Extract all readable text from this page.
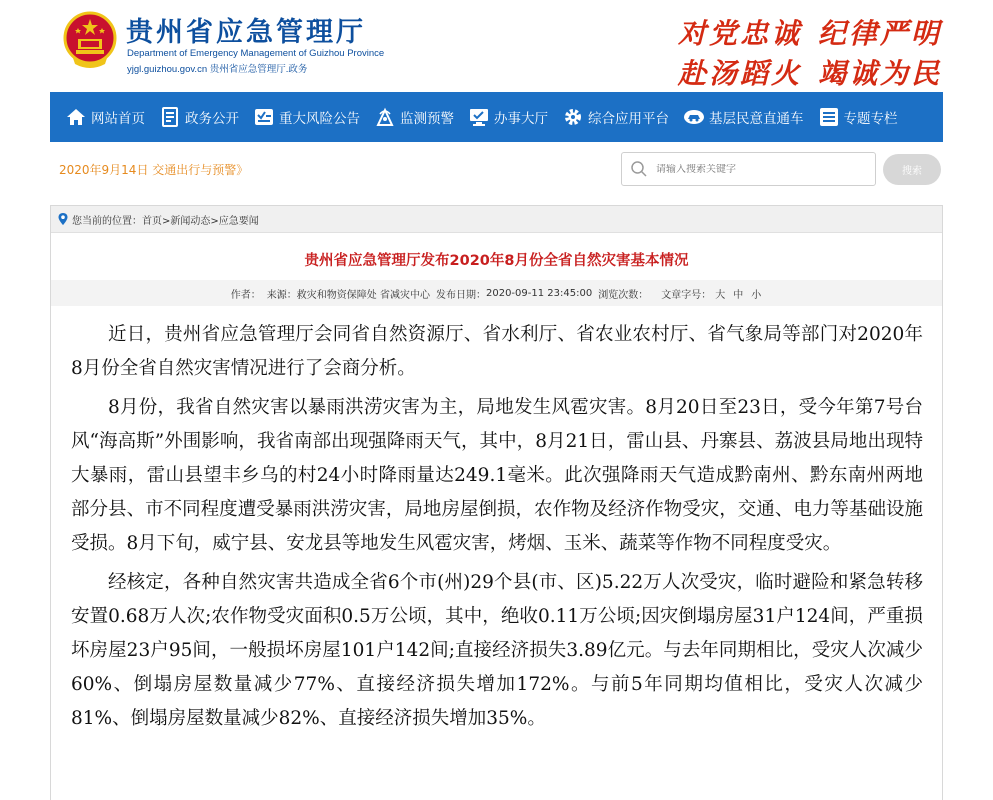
贵州省应急管理厅
Department of Emergency Management of Guizhou Province
yjgl.guizhou.gov.cn 贵州省应急管理厅.政务
对党忠诚 纪律严明
赴汤蹈火 竭诚为民
网站首页	政务公开	重大风险公告	监测预警	办事大厅	综合应用平台	基层民意直通车	专题专栏
2020年9月14日 交通出行与预警》
请输入搜索关键字	搜索
您当前的位置：首页>新闻动态>应急要闻
贵州省应急管理厅发布2020年8月份全省自然灾害基本情况
作者： 来源： 救灾和物资保障处 省减灾中心 发布日期： 2020-09-11 23:45:00 浏览次数： 文章字号： 大 中 小

近日，贵州省应急管理厅会同省自然资源厅、省水利厅、省农业农村厅、省气象局等部门对2020年8月份全省自然灾害情况进行了会商分析。

8月份，我省自然灾害以暴雨洪涝灾害为主，局地发生风雹灾害。8月20日至23日，受今年第7号台风“海高斯”外围影响，我省南部出现强降雨天气，其中，8月21日，雷山县、丹寨县、荔波县局地出现特大暴雨，雷山县望丰乡乌的村24小时降雨量达249.1毫米。此次强降雨天气造成黔南州、黔东南州两地部分县、市不同程度遭受暴雨洪涝灾害，局地房屋倒损，农作物及经济作物受灾，交通、电力等基础设施受损。8月下旬，威宁县、安龙县等地发生风雹灾害，烤烟、玉米、蔬菜等作物不同程度受灾。

经核定，各种自然灾害共造成全省6个市(州)29个县(市、区)5.22万人次受灾，临时避险和紧急转移安置0.68万人次;农作物受灾面积0.5万公顷，其中，绝收0.11万公顷;因灾倒塌房屋31户124间，严重损坏房屋23户95间，一般损坏房屋101户142间;直接经济损失3.89亿元。与去年同期相比，受灾人次减少60%、倒塌房屋数量减少77%、直接经济损失增加172%。与前5年同期均值相比，受灾人次减少81%、倒塌房屋数量减少82%、直接经济损失增加35%。
